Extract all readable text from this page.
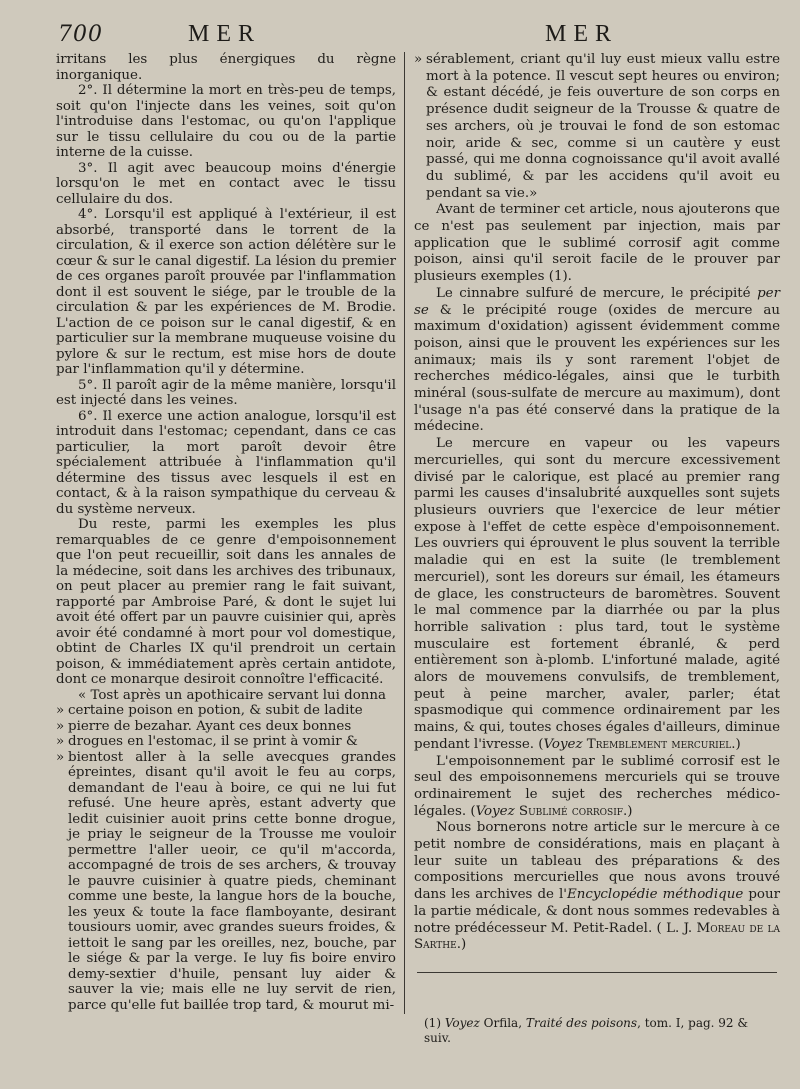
700	MER	MER

irritans les plus énergiques du règne inorganique.

2°. Il détermine la mort en très-peu de temps, soit qu'on l'injecte dans les veines, soit qu'on l'introduise dans l'estomac, ou qu'on l'applique sur le tissu cellulaire du cou ou de la partie interne de la cuisse.

3°. Il agit avec beaucoup moins d'énergie lorsqu'on le met en contact avec le tissu cellulaire du dos.

4°. Lorsqu'il est appliqué à l'extérieur, il est absorbé, transporté dans le torrent de la circulation, & il exerce son action délétère sur le cœur & sur le canal digestif. La lésion du premier de ces organes paroît prouvée par l'inflammation dont il est souvent le siége, par le trouble de la circulation & par les expériences de M. Brodie. L'action de ce poison sur le canal digestif, & en particulier sur la membrane muqueuse voisine du pylore & sur le rectum, est mise hors de doute par l'inflammation qu'il y détermine.

5°. Il paroît agir de la même manière, lorsqu'il est injecté dans les veines.

6°. Il exerce une action analogue, lorsqu'il est introduit dans l'estomac; cependant, dans ce cas particulier, la mort paroît devoir être spécialement attribuée à l'inflammation qu'il détermine des tissus avec lesquels il est en contact, & à la raison sympathique du cerveau & du système nerveux.

Du reste, parmi les exemples les plus remarquables de ce genre d'empoisonnement que l'on peut recueillir, soit dans les annales de la médecine, soit dans les archives des tribunaux, on peut placer au premier rang le fait suivant, rapporté par Ambroise Paré, & dont le sujet lui avoit été offert par un pauvre cuisinier qui, après avoir été condamné à mort pour vol domestique, obtint de Charles IX qu'il prendroit un certain poison, & immédiatement après certain antidote, dont ce monarque desiroit connoître l'efficacité.

« Tost après un apothicaire servant lui donna

» certaine poison en potion, & subit de ladite

» pierre de bezahar. Ayant ces deux bonnes

» drogues en l'estomac, il se print à vomir &

» bientost aller à la selle avecques grandes épreintes, disant qu'il avoit le feu au corps, demandant de l'eau à boire, ce qui ne lui fut refusé. Une heure après, estant adverty que ledit cuisinier auoit prins cette bonne drogue, je priay le seigneur de la Trousse me vouloir permettre l'aller ueoir, ce qu'il m'accorda, accompagné de trois de ses archers, & trouvay le pauvre cuisinier à quatre pieds, cheminant comme une beste, la langue hors de la bouche, les yeux & toute la face flamboyante, desirant tousiours uomir, avec grandes sueurs froides, & iettoit le sang par les oreilles, nez, bouche, par le siége & par la verge. Ie luy fis boire enviro demy-sextier d'huile, pensant luy aider & sauver la vie; mais elle ne luy servit de rien, parce qu'elle fut baillée trop tard, & mourut mi-

» sérablement, criant qu'il luy eust mieux vallu estre mort à la potence. Il vescut sept heures ou environ; & estant décédé, je feis ouverture de son corps en présence dudit seigneur de la Trousse & quatre de ses archers, où je trouvai le fond de son estomac noir, aride & sec, comme si un cautère y eust passé, qui me donna cognoissance qu'il avoit avallé du sublimé, & par les accidens qu'il avoit eu pendant sa vie.»

Avant de terminer cet article, nous ajouterons que ce n'est pas seulement par injection, mais par application que le sublimé corrosif agit comme poison, ainsi qu'il seroit facile de le prouver par plusieurs exemples (1).

Le cinnabre sulfuré de mercure, le précipité per se & le précipité rouge (oxides de mercure au maximum d'oxidation) agissent évidemment comme poison, ainsi que le prouvent les expériences sur les animaux; mais ils y sont rarement l'objet de recherches médico-légales, ainsi que le turbith minéral (sous-sulfate de mercure au maximum), dont l'usage n'a pas été conservé dans la pratique de la médecine.

Le mercure en vapeur ou les vapeurs mercurielles, qui sont du mercure excessivement divisé par le calorique, est placé au premier rang parmi les causes d'insalubrité auxquelles sont sujets plusieurs ouvriers que l'exercice de leur métier expose à l'effet de cette espèce d'empoisonnement. Les ouvriers qui éprouvent le plus souvent la terrible maladie qui en est la suite (le tremblement mercuriel), sont les doreurs sur émail, les étameurs de glace, les constructeurs de baromètres. Souvent le mal commence par la diarrhée ou par la plus horrible salivation : plus tard, tout le système musculaire est fortement ébranlé, & perd entièrement son à-plomb. L'infortuné malade, agité alors de mouvemens convulsifs, de tremblement, peut à peine marcher, avaler, parler; état spasmodique qui commence ordinairement par les mains, & qui, toutes choses égales d'ailleurs, diminue pendant l'ivresse. (Voyez Tremblement mercuriel.)

L'empoisonnement par le sublimé corrosif est le seul des empoisonnemens mercuriels qui se trouve ordinairement le sujet des recherches médico-légales. (Voyez Sublimé corrosif.)

Nous bornerons notre article sur le mercure à ce petit nombre de considérations, mais en plaçant à leur suite un tableau des préparations & des compositions mercurielles que nous avons trouvé dans les archives de l'Encyclopédie méthodique pour la partie médicale, & dont nous sommes redevables à notre prédécesseur M. Petit-Radel. ( L. J. Moreau de la Sarthe.)

(1) Voyez Orfila, Traité des poisons, tom. I, pag. 92 & suiv.
